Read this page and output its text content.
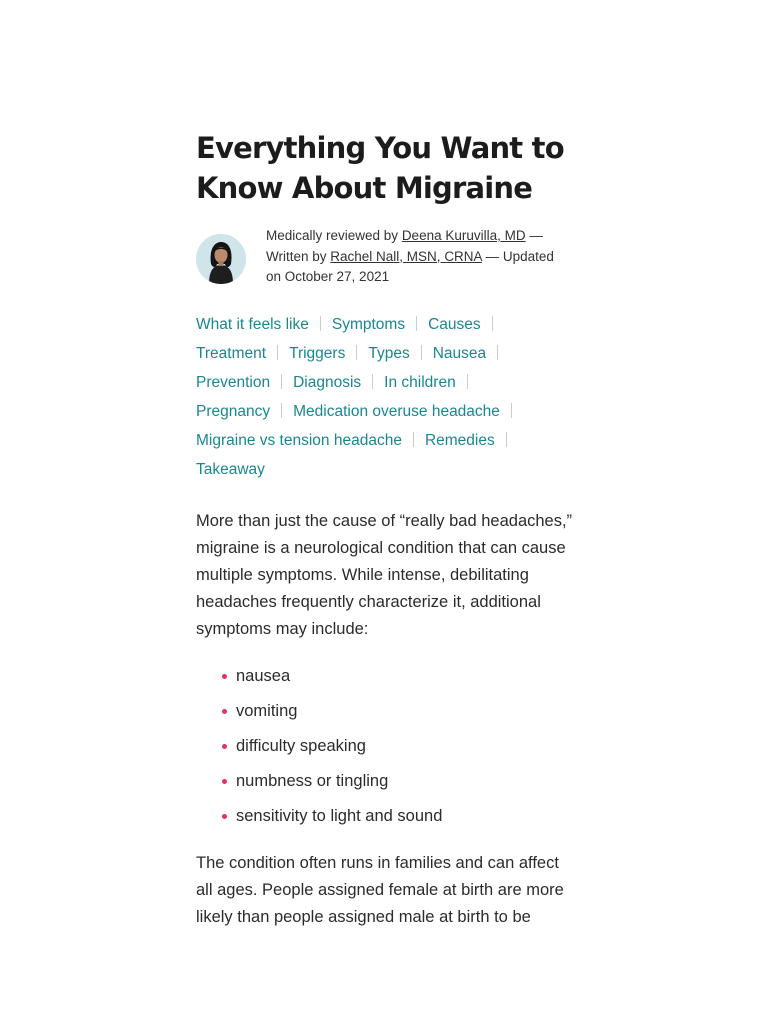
Everything You Want to Know About Migraine
Medically reviewed by Deena Kuruvilla, MD — Written by Rachel Nall, MSN, CRNA — Updated on October 27, 2021
What it feels like Symptoms Causes
Treatment Triggers Types Nausea
Prevention Diagnosis In children
Pregnancy Medication overuse headache
Migraine vs tension headache Remedies
Takeaway

More than just the cause of “really bad headaches,” migraine is a neurological condition that can cause multiple symptoms. While intense, debilitating headaches frequently characterize it, additional symptoms may include:

nausea
vomiting
difficulty speaking
numbness or tingling
sensitivity to light and sound

The condition often runs in families and can affect all ages. People assigned female at birth are more likely than people assigned male at birth to be
